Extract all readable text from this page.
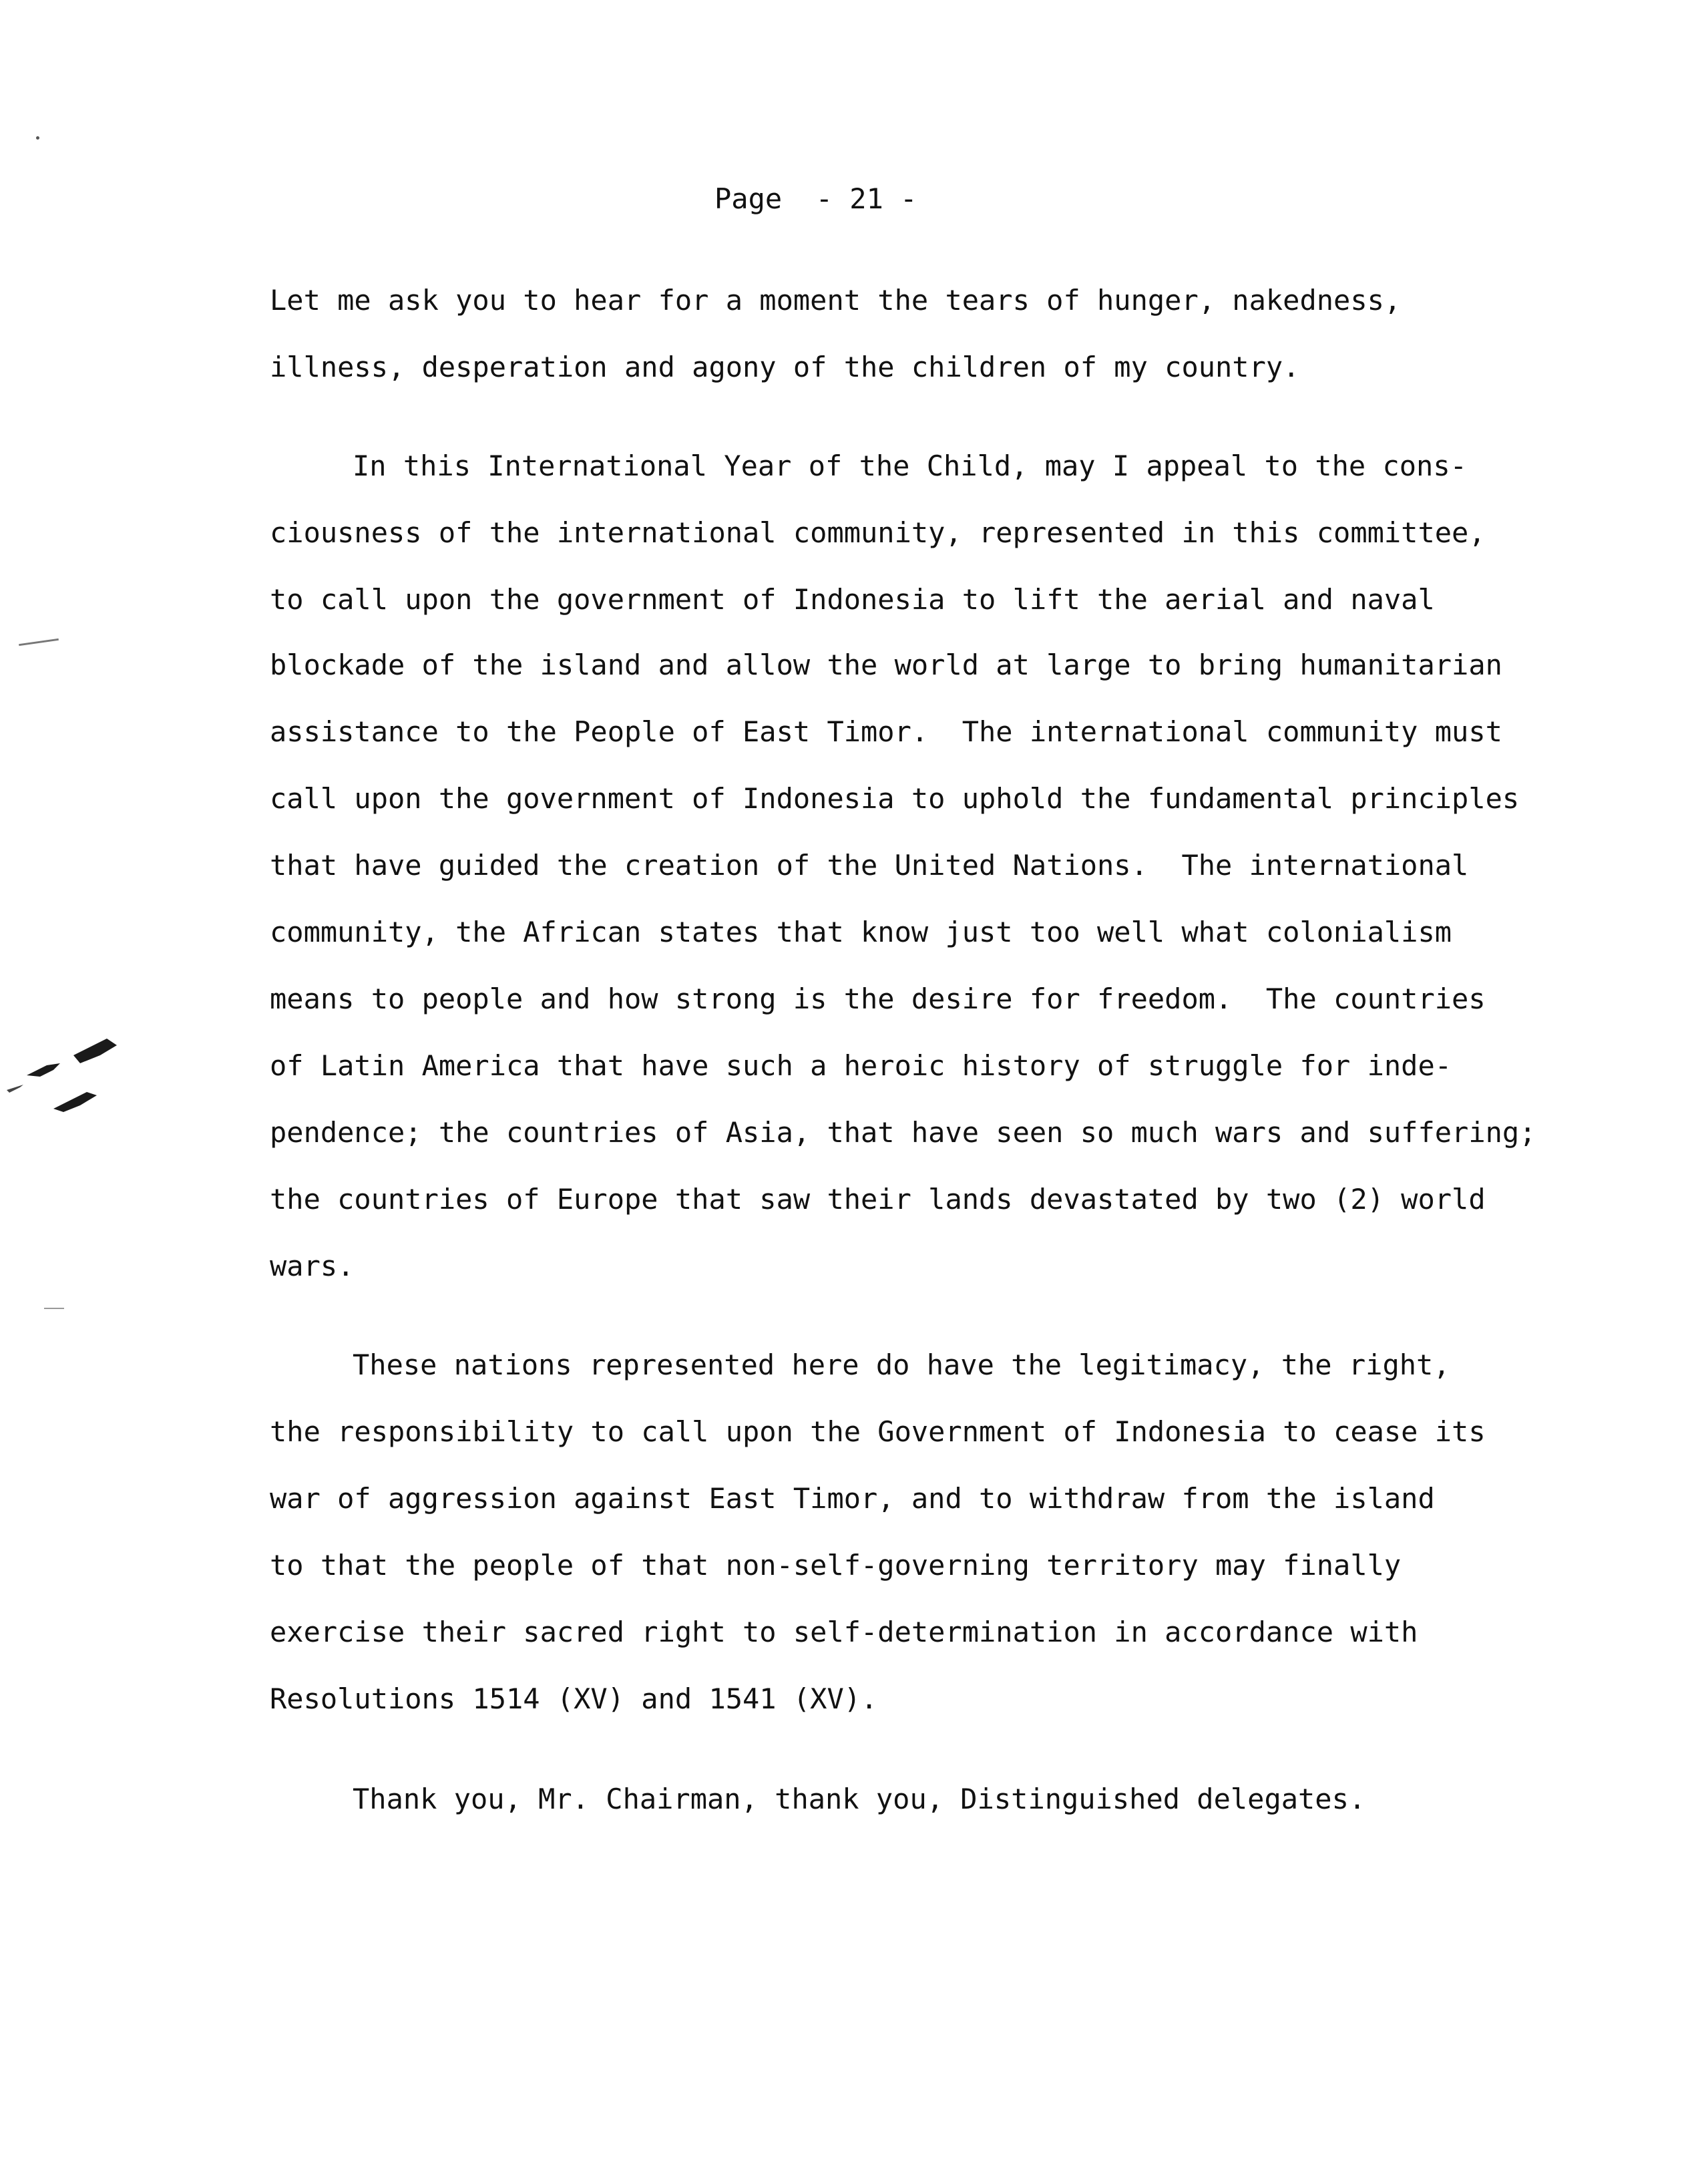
Page  - 21 -
Let me ask you to hear for a moment the tears of hunger, nakedness,
illness, desperation and agony of the children of my country.
In this International Year of the Child, may I appeal to the cons-
ciousness of the international community, represented in this committee,
to call upon the government of Indonesia to lift the aerial and naval
blockade of the island and allow the world at large to bring humanitarian
assistance to the People of East Timor.  The international community must
call upon the government of Indonesia to uphold the fundamental principles
that have guided the creation of the United Nations.  The international
community, the African states that know just too well what colonialism
means to people and how strong is the desire for freedom.  The countries
of Latin America that have such a heroic history of struggle for inde-
pendence; the countries of Asia, that have seen so much wars and suffering;
the countries of Europe that saw their lands devastated by two (2) world
wars.
These nations represented here do have the legitimacy, the right,
the responsibility to call upon the Government of Indonesia to cease its
war of aggression against East Timor, and to withdraw from the island
to that the people of that non-self-governing territory may finally
exercise their sacred right to self-determination in accordance with
Resolutions 1514 (XV) and 1541 (XV).
Thank you, Mr. Chairman, thank you, Distinguished delegates.
